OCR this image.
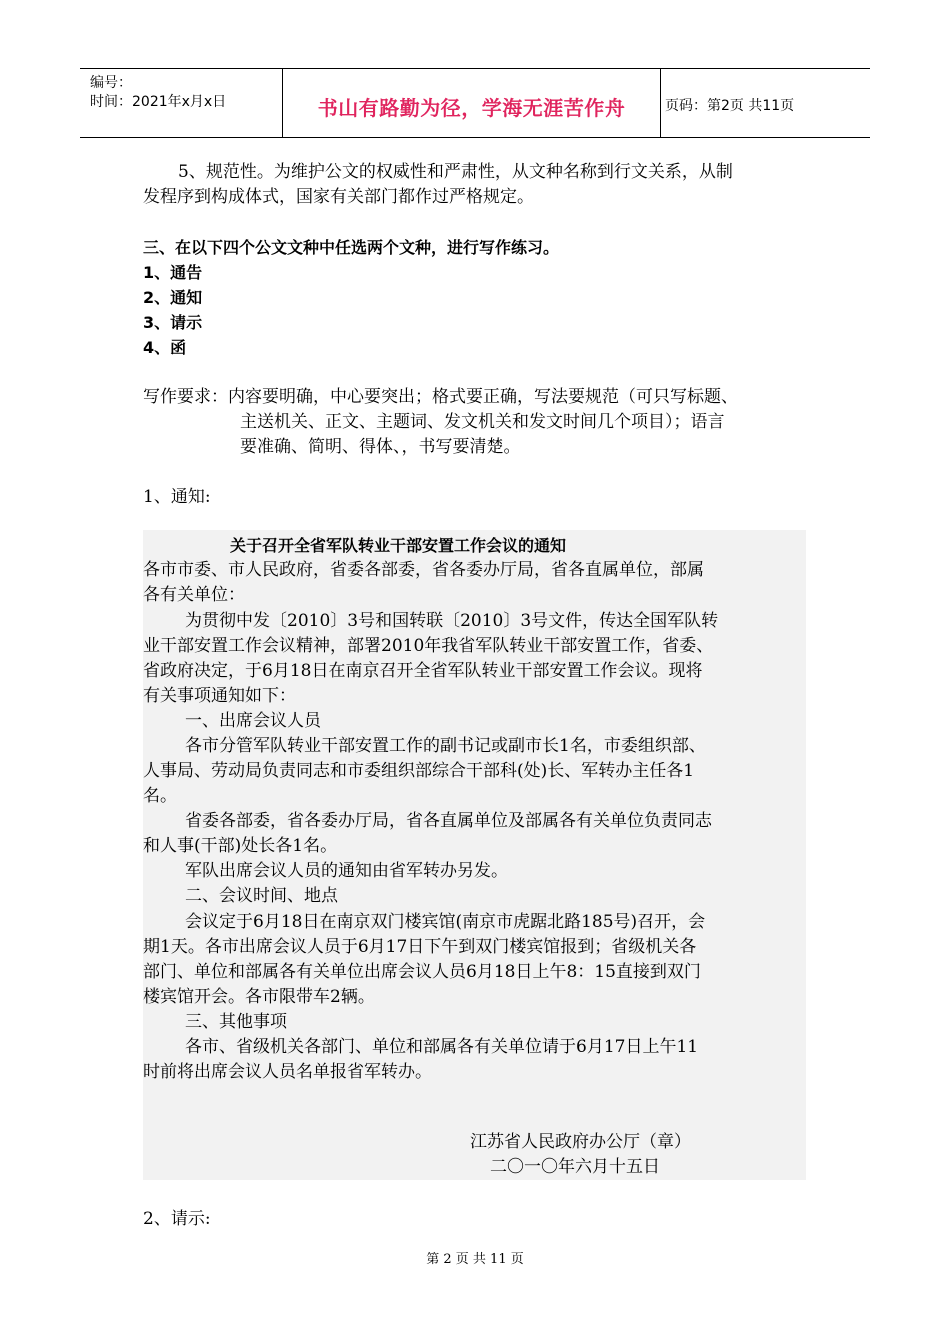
编号：
时间：2021年x月x日	书山有路勤为径，学海无涯苦作舟	页码：第2页 共11页
5、规范性。为维护公文的权威性和严肃性，从文种名称到行文关系，从制
发程序到构成体式，国家有关部门都作过严格规定。
三、在以下四个公文文种中任选两个文种，进行写作练习。
1、通告
2、通知
3、请示
4、函
写作要求：内容要明确，中心要突出；格式要正确，写法要规范（可只写标题、
主送机关、正文、主题词、发文机关和发文时间几个项目）；语言
要准确、简明、得体、，书写要清楚。
1、通知:
关于召开全省军队转业干部安置工作会议的通知
各市市委、市人民政府，省委各部委，省各委办厅局，省各直属单位，部属
各有关单位：
为贯彻中发〔2010〕3号和国转联〔2010〕3号文件，传达全国军队转
业干部安置工作会议精神，部署2010年我省军队转业干部安置工作，省委、
省政府决定，于6月18日在南京召开全省军队转业干部安置工作会议。现将
有关事项通知如下：
一、出席会议人员
各市分管军队转业干部安置工作的副书记或副市长1名，市委组织部、
人事局、劳动局负责同志和市委组织部综合干部科(处)长、军转办主任各1
名。
省委各部委，省各委办厅局，省各直属单位及部属各有关单位负责同志
和人事(干部)处长各1名。
军队出席会议人员的通知由省军转办另发。
二、会议时间、地点
会议定于6月18日在南京双门楼宾馆(南京市虎踞北路185号)召开，会
期1天。各市出席会议人员于6月17日下午到双门楼宾馆报到；省级机关各
部门、单位和部属各有关单位出席会议人员6月18日上午8：15直接到双门
楼宾馆开会。各市限带车2辆。
三、其他事项
各市、省级机关各部门、单位和部属各有关单位请于6月17日上午11
时前将出席会议人员名单报省军转办。
江苏省人民政府办公厅（章）
二〇一〇年六月十五日
2、请示:
第 2 页 共 11 页
